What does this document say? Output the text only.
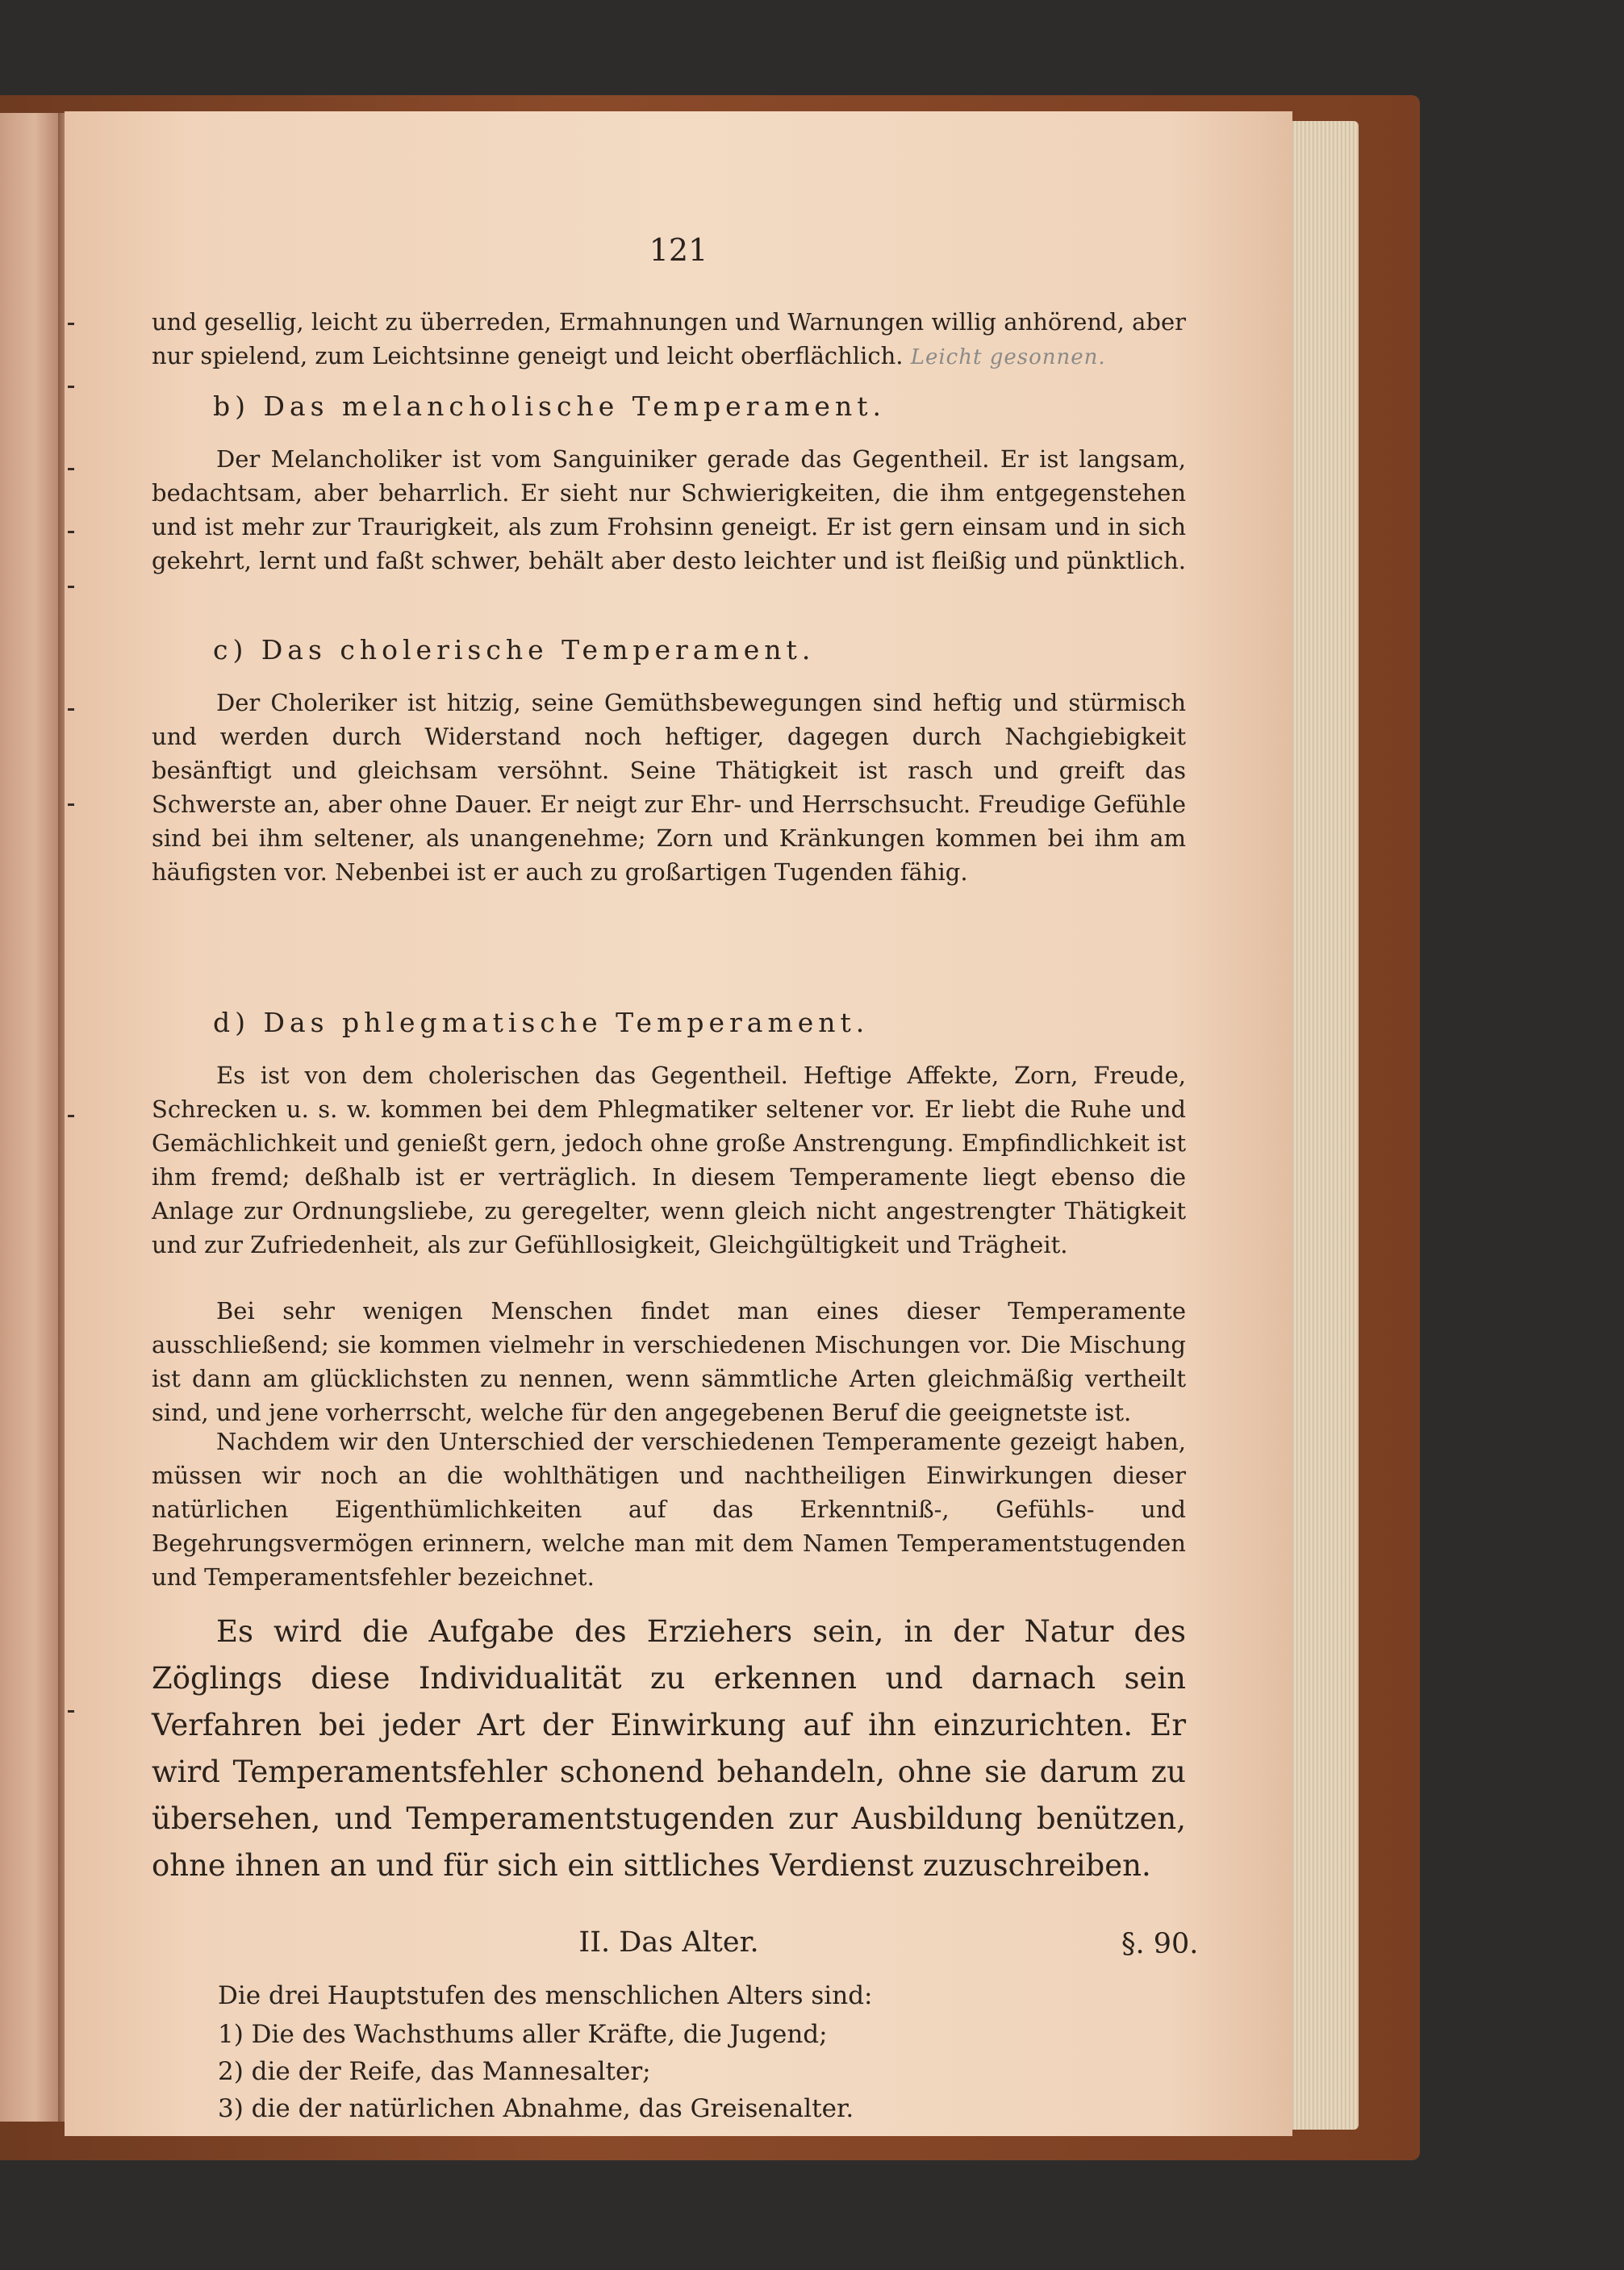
121
und gesellig, leicht zu überreden, Ermahnungen und Warnungen willig anhörend, aber nur spielend, zum Leichtsinne geneigt und leicht oberflächlich. Leicht gesonnen.
b) Das melancholische Temperament.

Der Melancholiker ist vom Sanguiniker gerade das Gegentheil. Er ist langsam, bedachtsam, aber beharrlich. Er sieht nur Schwierigkeiten, die ihm entgegenstehen und ist mehr zur Traurigkeit, als zum Frohsinn geneigt. Er ist gern einsam und in sich gekehrt, lernt und faßt schwer, behält aber desto leichter und ist fleißig und pünktlich.

c) Das cholerische Temperament.

Der Choleriker ist hitzig, seine Gemüthsbewegungen sind heftig und stürmisch und werden durch Widerstand noch heftiger, dagegen durch Nachgiebigkeit besänftigt und gleichsam versöhnt. Seine Thätigkeit ist rasch und greift das Schwerste an, aber ohne Dauer. Er neigt zur Ehr- und Herrschsucht. Freudige Gefühle sind bei ihm seltener, als unangenehme; Zorn und Kränkungen kommen bei ihm am häufigsten vor. Nebenbei ist er auch zu großartigen Tugenden fähig.

d) Das phlegmatische Temperament.

Es ist von dem cholerischen das Gegentheil. Heftige Affekte, Zorn, Freude, Schrecken u. s. w. kommen bei dem Phlegmatiker seltener vor. Er liebt die Ruhe und Gemächlichkeit und genießt gern, jedoch ohne große Anstrengung. Empfindlichkeit ist ihm fremd; deßhalb ist er verträglich. In diesem Temperamente liegt ebenso die Anlage zur Ordnungsliebe, zu geregelter, wenn gleich nicht angestrengter Thätigkeit und zur Zufriedenheit, als zur Gefühllosigkeit, Gleichgültigkeit und Trägheit.

Bei sehr wenigen Menschen findet man eines dieser Temperamente ausschließend; sie kommen vielmehr in verschiedenen Mischungen vor. Die Mischung ist dann am glücklichsten zu nennen, wenn sämmtliche Arten gleichmäßig vertheilt sind, und jene vorherrscht, welche für den angegebenen Beruf die geeignetste ist.

Nachdem wir den Unterschied der verschiedenen Temperamente gezeigt haben, müssen wir noch an die wohlthätigen und nachtheiligen Einwirkungen dieser natürlichen Eigenthümlichkeiten auf das Erkenntniß-, Gefühls- und Begehrungsvermögen erinnern, welche man mit dem Namen Temperamentstugenden und Temperamentsfehler bezeichnet.

Es wird die Aufgabe des Erziehers sein, in der Natur des Zöglings diese Individualität zu erkennen und darnach sein Verfahren bei jeder Art der Einwirkung auf ihn einzurichten. Er wird Temperamentsfehler schonend behandeln, ohne sie darum zu übersehen, und Temperamentstugenden zur Ausbildung benützen, ohne ihnen an und für sich ein sittliches Verdienst zuzuschreiben.

II. Das Alter.	§. 90.
Die drei Hauptstufen des menschlichen Alters sind:
1) Die des Wachsthums aller Kräfte, die Jugend;
2) die der Reife, das Mannesalter;
3) die der natürlichen Abnahme, das Greisenalter.
